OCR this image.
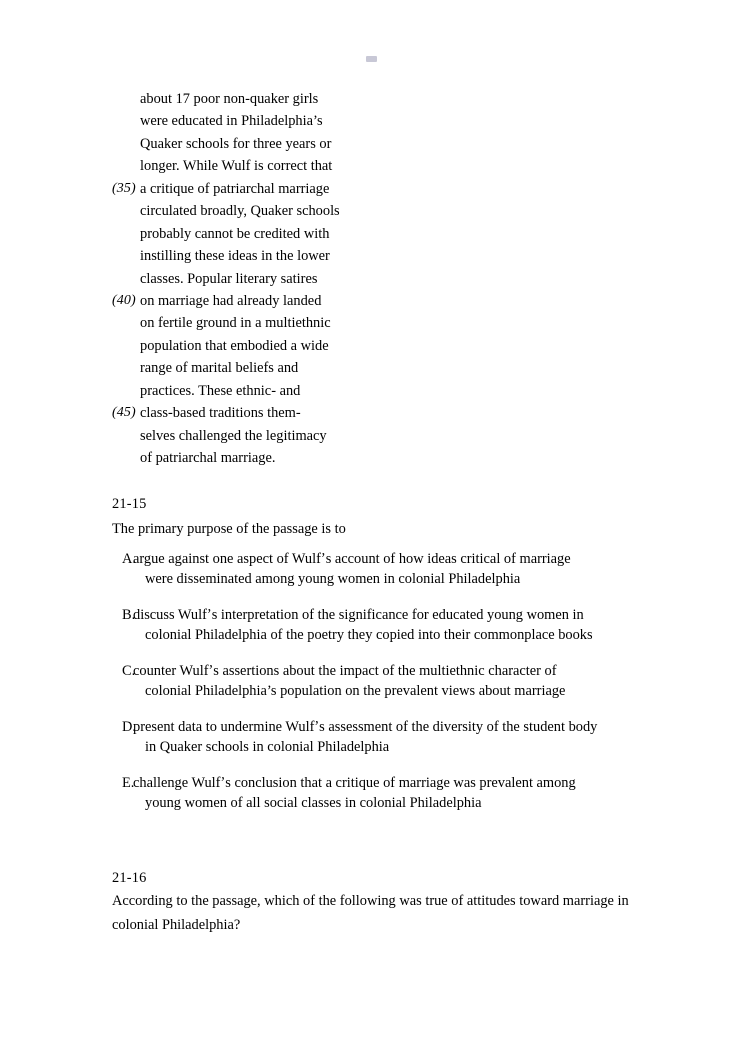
about 17 poor non-quaker girls
were educated in Philadelphia’s
Quaker schools for three years or
longer. While Wulf is correct that
(35) a critique of patriarchal marriage
circulated broadly, Quaker schools
probably cannot be credited with
instilling these ideas in the lower
classes. Popular literary satires
(40) on marriage had already landed
on fertile ground in a multiethnic
population that embodied a wide
range of marital beliefs and
practices. These ethnic- and
(45) class-based traditions them-
selves challenged the legitimacy
of patriarchal marriage.
21-15
The primary purpose of the passage is to
A.
argue against one aspect of Wulfʼs account of how ideas critical of marriage
were disseminated among young women in colonial Philadelphia
B.
discuss Wulfʼs interpretation of the significance for educated young women in
colonial Philadelphia of the poetry they copied into their commonplace books
C.
counter Wulfʼs assertions about the impact of the multiethnic character of
colonial Philadelphia’s population on the prevalent views about marriage
D.
present data to undermine Wulfʼs assessment of the diversity of the student body
in Quaker schools in colonial Philadelphia
E.
challenge Wulfʼs conclusion that a critique of marriage was prevalent among
young women of all social classes in colonial Philadelphia
21-16
According to the passage, which of the following was true of attitudes toward marriage in
colonial Philadelphia?
